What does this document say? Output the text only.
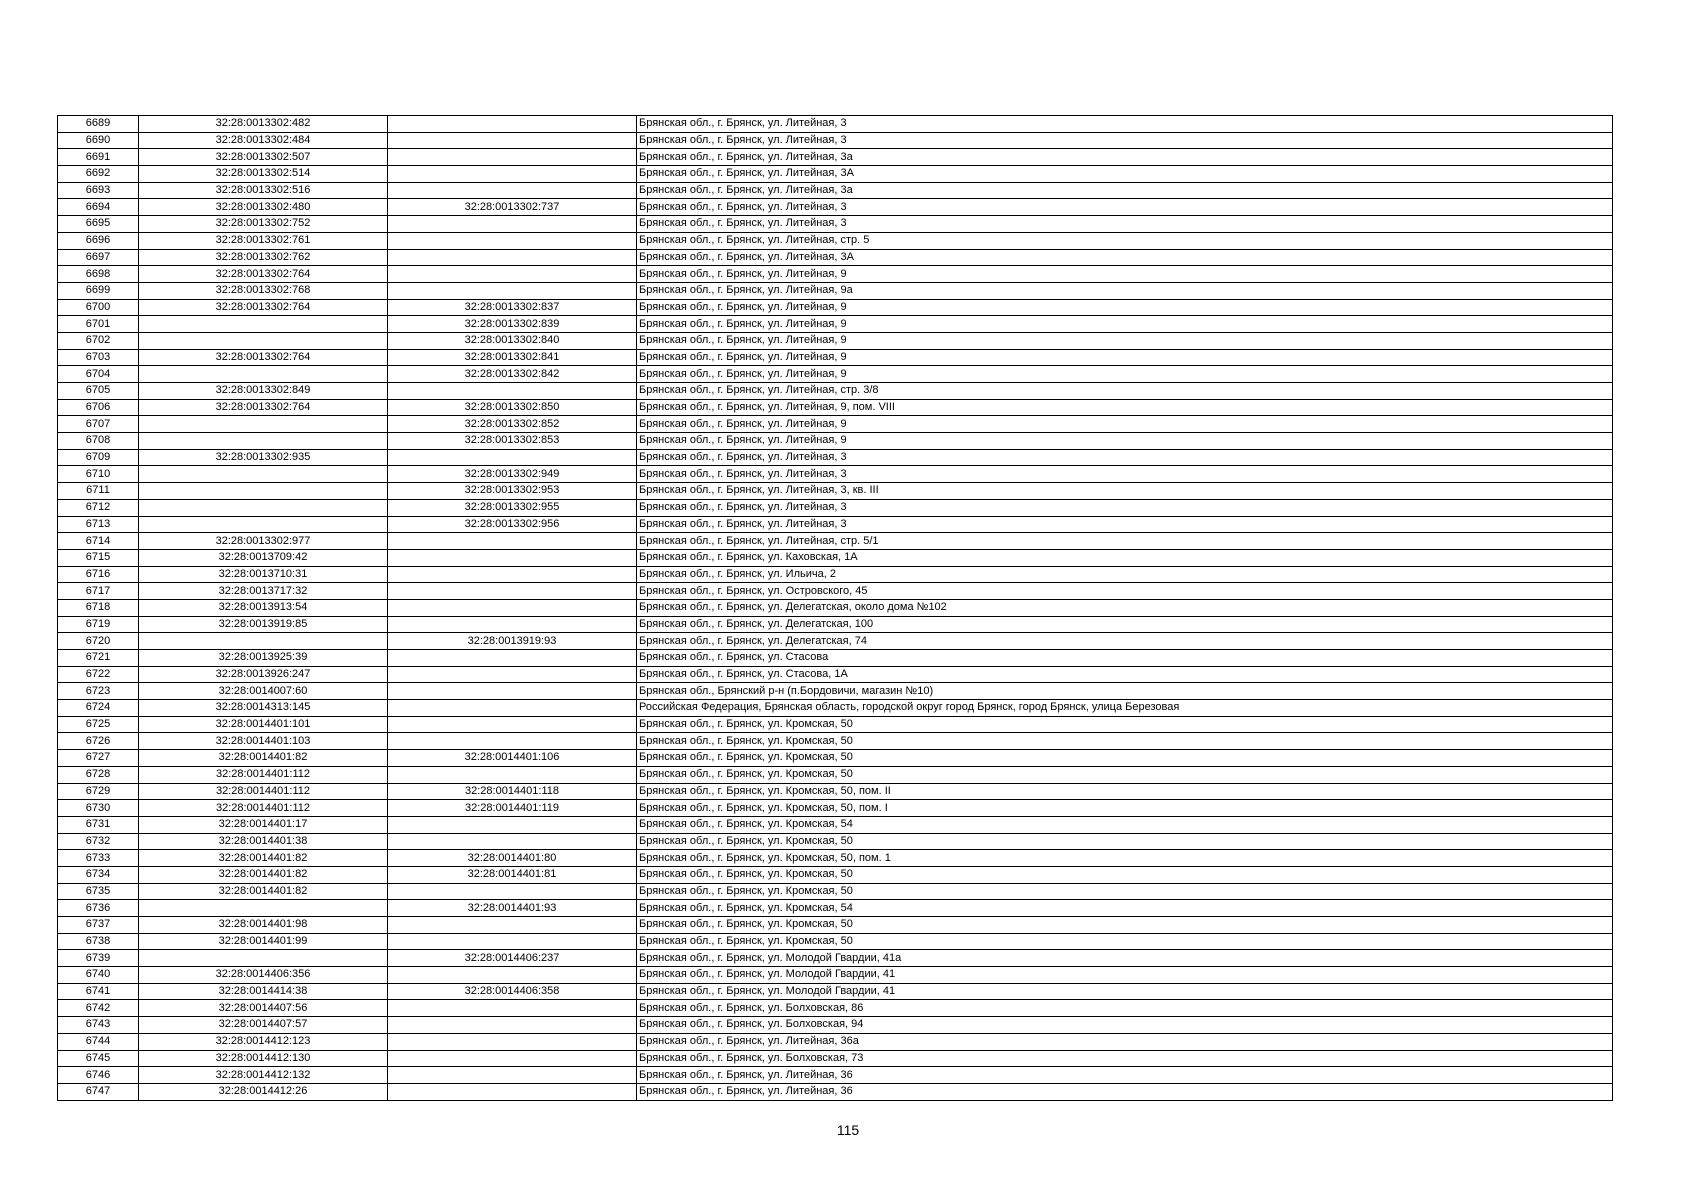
6689	32:28:0013302:482		Брянская обл., г. Брянск, ул. Литейная, 3
6690	32:28:0013302:484		Брянская обл., г. Брянск, ул. Литейная, 3
6691	32:28:0013302:507		Брянская обл., г. Брянск, ул. Литейная, 3а
6692	32:28:0013302:514		Брянская обл., г. Брянск, ул. Литейная, 3А
6693	32:28:0013302:516		Брянская обл., г. Брянск, ул. Литейная, 3а
6694	32:28:0013302:480	32:28:0013302:737	Брянская обл., г. Брянск, ул. Литейная, 3
6695	32:28:0013302:752		Брянская обл., г. Брянск, ул. Литейная, 3
6696	32:28:0013302:761		Брянская обл., г. Брянск, ул. Литейная, стр. 5
6697	32:28:0013302:762		Брянская обл., г. Брянск, ул. Литейная, 3А
6698	32:28:0013302:764		Брянская обл., г. Брянск, ул. Литейная, 9
6699	32:28:0013302:768		Брянская обл., г. Брянск, ул. Литейная, 9а
6700	32:28:0013302:764	32:28:0013302:837	Брянская обл., г. Брянск, ул. Литейная, 9
6701		32:28:0013302:839	Брянская обл., г. Брянск, ул. Литейная, 9
6702		32:28:0013302:840	Брянская обл., г. Брянск, ул. Литейная, 9
6703	32:28:0013302:764	32:28:0013302:841	Брянская обл., г. Брянск, ул. Литейная, 9
6704		32:28:0013302:842	Брянская обл., г. Брянск, ул. Литейная, 9
6705	32:28:0013302:849		Брянская обл., г. Брянск, ул. Литейная, стр. 3/8
6706	32:28:0013302:764	32:28:0013302:850	Брянская обл., г. Брянск, ул. Литейная, 9, пом. VIII
6707		32:28:0013302:852	Брянская обл., г. Брянск, ул. Литейная, 9
6708		32:28:0013302:853	Брянская обл., г. Брянск, ул. Литейная, 9
6709	32:28:0013302:935		Брянская обл., г. Брянск, ул. Литейная, 3
6710		32:28:0013302:949	Брянская обл., г. Брянск, ул. Литейная, 3
6711		32:28:0013302:953	Брянская обл., г. Брянск, ул. Литейная, 3, кв. III
6712		32:28:0013302:955	Брянская обл., г. Брянск, ул. Литейная, 3
6713		32:28:0013302:956	Брянская обл., г. Брянск, ул. Литейная, 3
6714	32:28:0013302:977		Брянская обл., г. Брянск, ул. Литейная, стр. 5/1
6715	32:28:0013709:42		Брянская обл., г. Брянск, ул. Каховская, 1А
6716	32:28:0013710:31		Брянская обл., г. Брянск, ул. Ильича, 2
6717	32:28:0013717:32		Брянская обл., г. Брянск, ул. Островского, 45
6718	32:28:0013913:54		Брянская обл., г. Брянск, ул. Делегатская, около дома №102
6719	32:28:0013919:85		Брянская обл., г. Брянск, ул. Делегатская, 100
6720		32:28:0013919:93	Брянская обл., г. Брянск, ул. Делегатская, 74
6721	32:28:0013925:39		Брянская обл., г. Брянск, ул. Стасова
6722	32:28:0013926:247		Брянская обл., г. Брянск, ул. Стасова, 1А
6723	32:28:0014007:60		Брянская обл., Брянский р-н (п.Бордовичи, магазин №10)
6724	32:28:0014313:145		Российская Федерация, Брянская область, городской округ город Брянск, город Брянск, улица Березовая
6725	32:28:0014401:101		Брянская обл., г. Брянск, ул. Кромская, 50
6726	32:28:0014401:103		Брянская обл., г. Брянск, ул. Кромская, 50
6727	32:28:0014401:82	32:28:0014401:106	Брянская обл., г. Брянск, ул. Кромская, 50
6728	32:28:0014401:112		Брянская обл., г. Брянск, ул. Кромская, 50
6729	32:28:0014401:112	32:28:0014401:118	Брянская обл., г. Брянск, ул. Кромская, 50, пом. II
6730	32:28:0014401:112	32:28:0014401:119	Брянская обл., г. Брянск, ул. Кромская, 50, пом. I
6731	32:28:0014401:17		Брянская обл., г. Брянск, ул. Кромская, 54
6732	32:28:0014401:38		Брянская обл., г. Брянск, ул. Кромская, 50
6733	32:28:0014401:82	32:28:0014401:80	Брянская обл., г. Брянск, ул. Кромская, 50, пом. 1
6734	32:28:0014401:82	32:28:0014401:81	Брянская обл., г. Брянск, ул. Кромская, 50
6735	32:28:0014401:82		Брянская обл., г. Брянск, ул. Кромская, 50
6736		32:28:0014401:93	Брянская обл., г. Брянск, ул. Кромская, 54
6737	32:28:0014401:98		Брянская обл., г. Брянск, ул. Кромская, 50
6738	32:28:0014401:99		Брянская обл., г. Брянск, ул. Кромская, 50
6739		32:28:0014406:237	Брянская обл., г. Брянск, ул. Молодой Гвардии, 41а
6740	32:28:0014406:356		Брянская обл., г. Брянск, ул. Молодой Гвардии, 41
6741	32:28:0014414:38	32:28:0014406:358	Брянская обл., г. Брянск, ул. Молодой Гвардии, 41
6742	32:28:0014407:56		Брянская обл., г. Брянск, ул. Болховская, 86
6743	32:28:0014407:57		Брянская обл., г. Брянск, ул. Болховская, 94
6744	32:28:0014412:123		Брянская обл., г. Брянск, ул. Литейная, 36а
6745	32:28:0014412:130		Брянская обл., г. Брянск, ул. Болховская, 73
6746	32:28:0014412:132		Брянская обл., г. Брянск, ул. Литейная, 36
6747	32:28:0014412:26		Брянская обл., г. Брянск, ул. Литейная, 36
115
